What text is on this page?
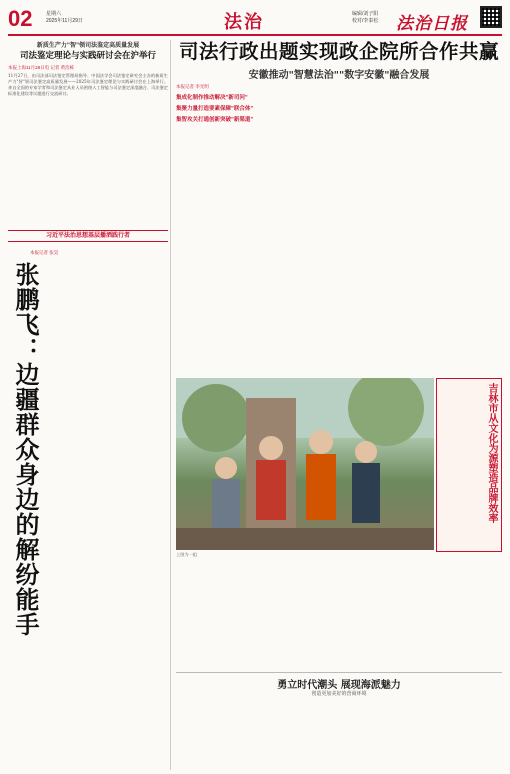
02	星期六
2025年11月29日	法治	编辑/刘子阳
校对/李泰松 法治日报
新质生产力"智"领司法鉴定高质量发展
司法鉴定理论与实践研讨会在沪举行
本报上海11月28日电 记者 黄浩栋
11月27日，由司法部司法鉴定管理局指导、中国法学会司法鉴定研究会主办的新质生产力"智"领司法鉴定高质量发展——2025年司法鉴定理论与实践研讨会在上海举行。来自全国的专家学者和司法鉴定从业人员围绕人工智能与司法鉴定深度融合、司法鉴定标准化建设等议题进行交流研讨。
习近平法治思想基层播洒践行者
本报记者 张昊
张鹏飞：边疆群众身边的解纷能手
司法行政出题实现政企院所合作共赢
安徽推动"智慧法治""数字安徽"融合发展
本报记者 李光明
集成化制作推动解决"新司问"
集聚力量打造要素保障"联合体"
集智攻关打通创新突破"新渠道"
上图为一组
吉林市从文化为源塑造品牌效率
勇立时代潮头 展现海派魅力
创造更加美好的营商环境
